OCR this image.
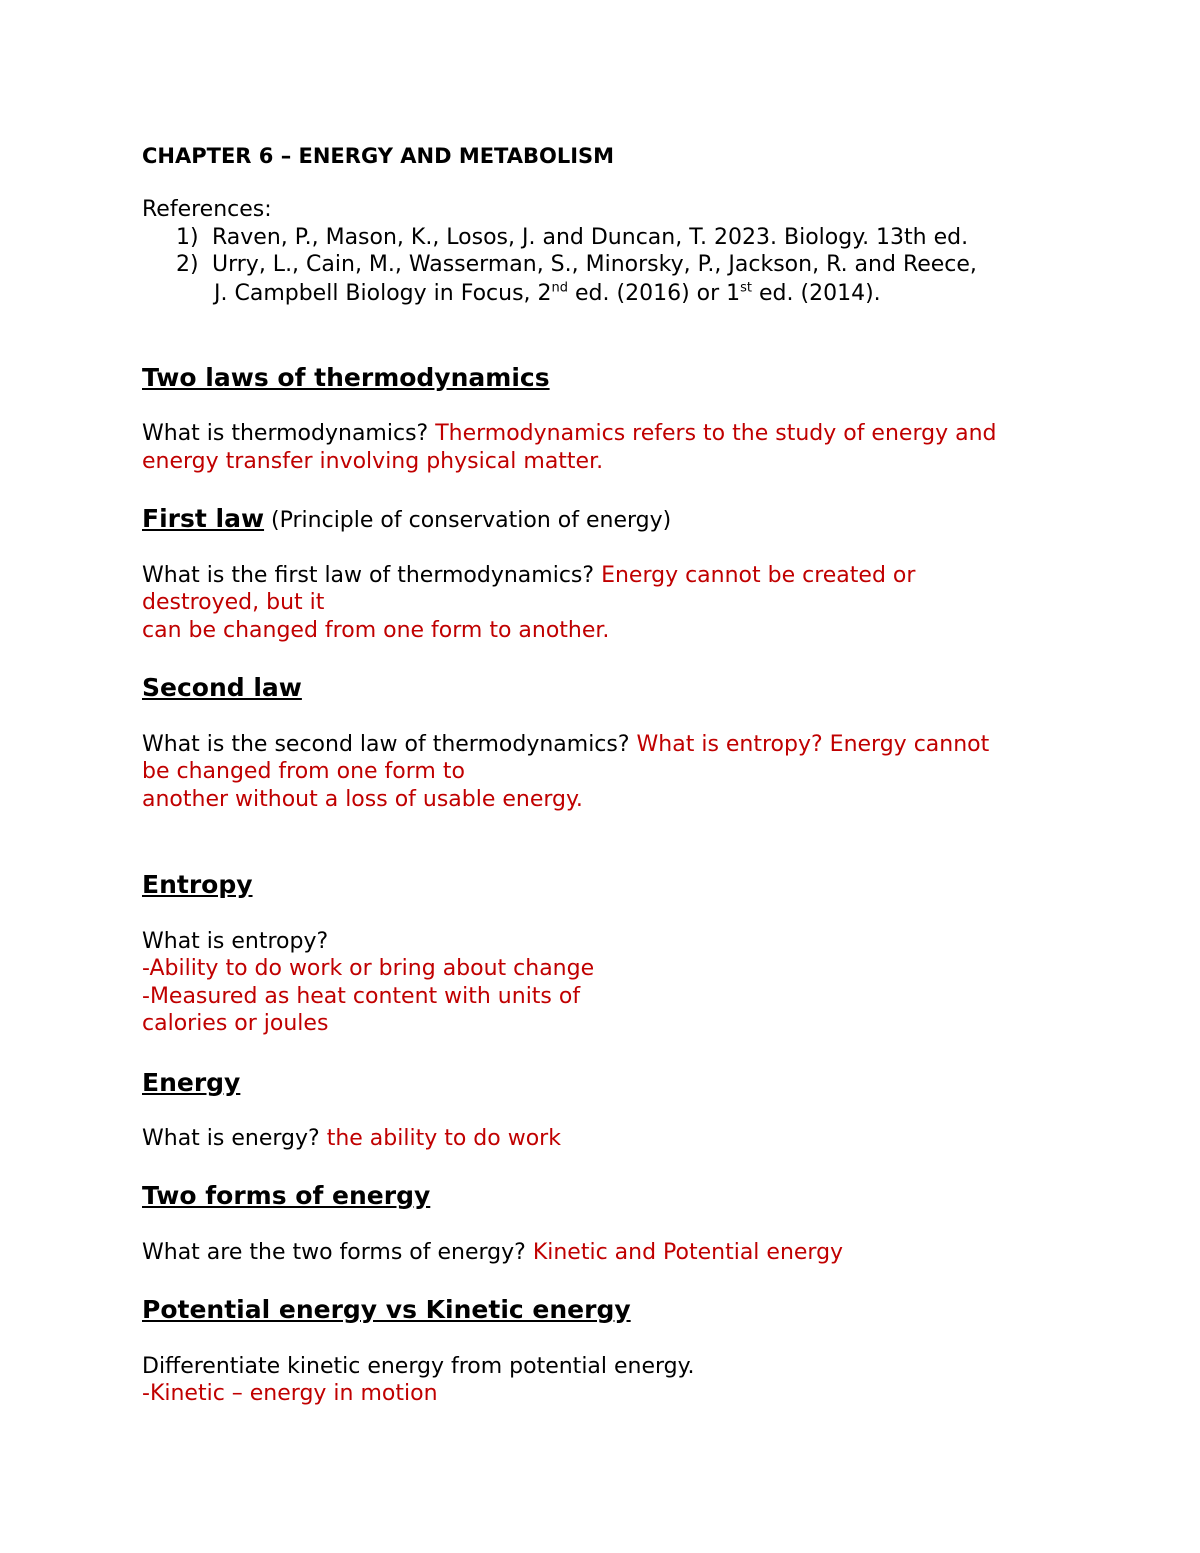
CHAPTER 6 – ENERGY AND METABOLISM
References:
1) Raven, P., Mason, K., Losos, J. and Duncan, T. 2023. Biology. 13th ed.
2) Urry, L., Cain, M., Wasserman, S., Minorsky, P., Jackson, R. and Reece,
J. Campbell Biology in Focus, 2nd ed. (2016) or 1st ed. (2014).
Two laws of thermodynamics
What is thermodynamics? Thermodynamics refers to the study of energy and
energy transfer involving physical matter.
First law (Principle of conservation of energy)
What is the first law of thermodynamics? Energy cannot be created or
destroyed, but it
can be changed from one form to another.
Second law
What is the second law of thermodynamics? What is entropy? Energy cannot
be changed from one form to
another without a loss of usable energy.
Entropy
What is entropy?
-Ability to do work or bring about change
-Measured as heat content with units of
calories or joules
Energy
What is energy? the ability to do work
Two forms of energy
What are the two forms of energy? Kinetic and Potential energy
Potential energy vs Kinetic energy
Differentiate kinetic energy from potential energy.
-Kinetic – energy in motion
